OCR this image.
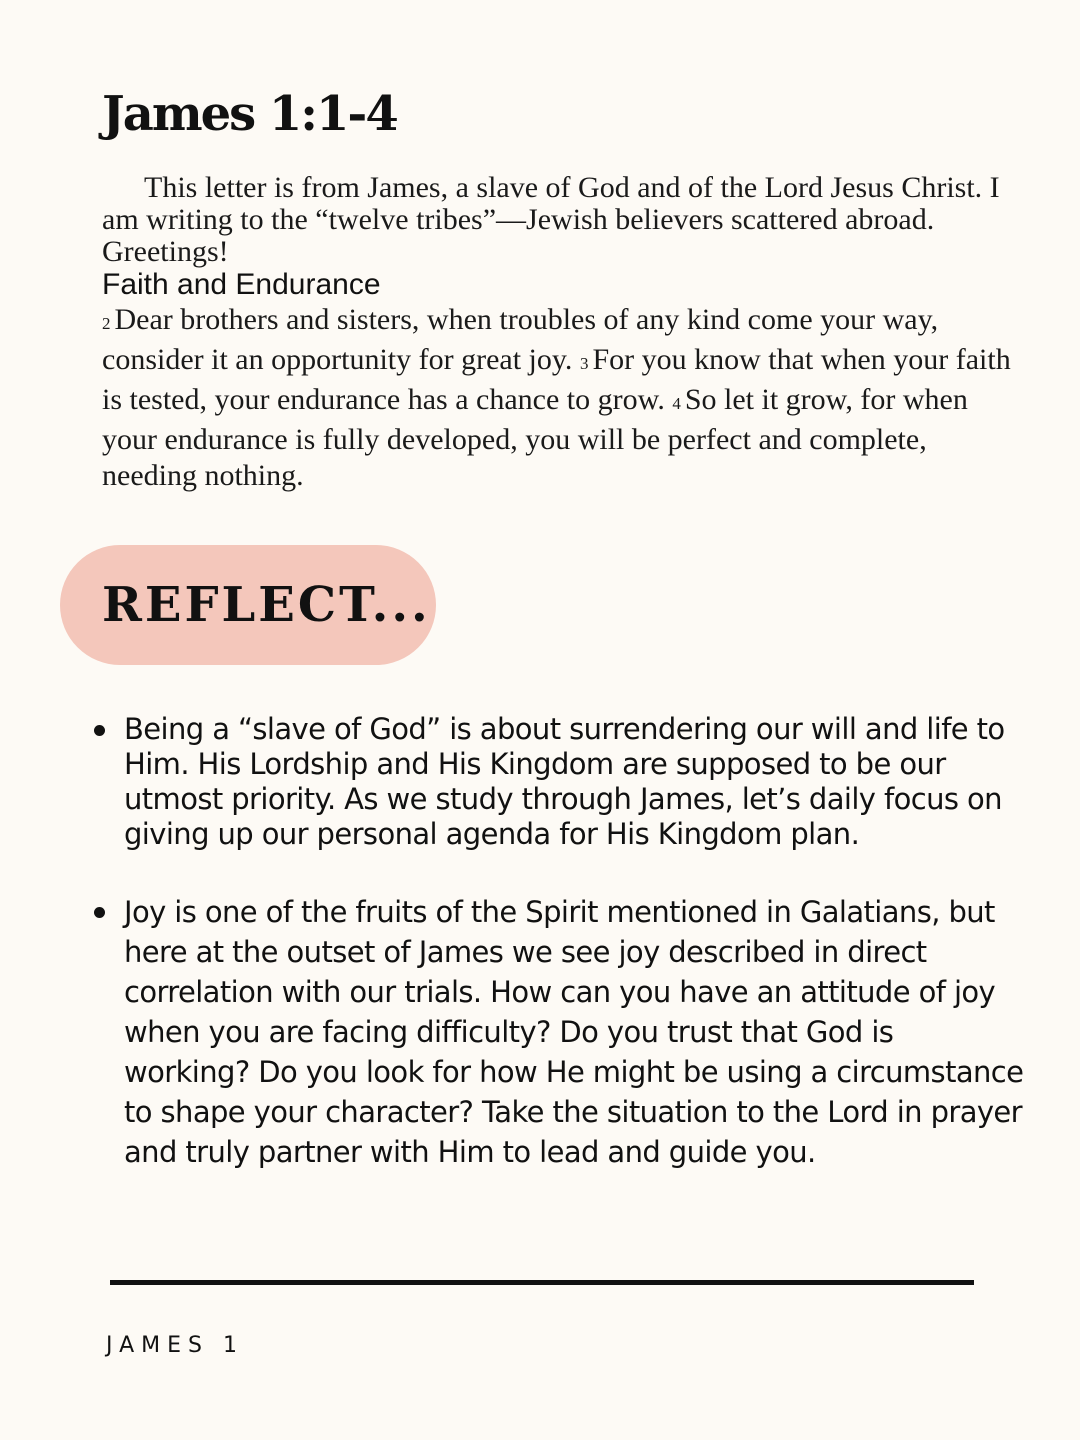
James 1:1-4

This letter is from James, a slave of God and of the Lord Jesus Christ. I am writing to the “twelve tribes”—Jewish believers scattered abroad. Greetings!

Faith and Endurance

2 Dear brothers and sisters, when troubles of any kind come your way, consider it an opportunity for great joy. 3 For you know that when your faith is tested, your endurance has a chance to grow. 4 So let it grow, for when your endurance is fully developed, you will be perfect and complete, needing nothing.

REFLECT...
Being a “slave of God” is about surrendering our will and life to Him. His Lordship and His Kingdom are supposed to be our utmost priority. As we study through James, let’s daily focus on giving up our personal agenda for His Kingdom plan.
Joy is one of the fruits of the Spirit mentioned in Galatians, but here at the outset of James we see joy described in direct correlation with our trials. How can you have an attitude of joy when you are facing difficulty? Do you trust that God is working? Do you look for how He might be using a circumstance to shape your character? Take the situation to the Lord in prayer and truly partner with Him to lead and guide you.
JAMES 1
